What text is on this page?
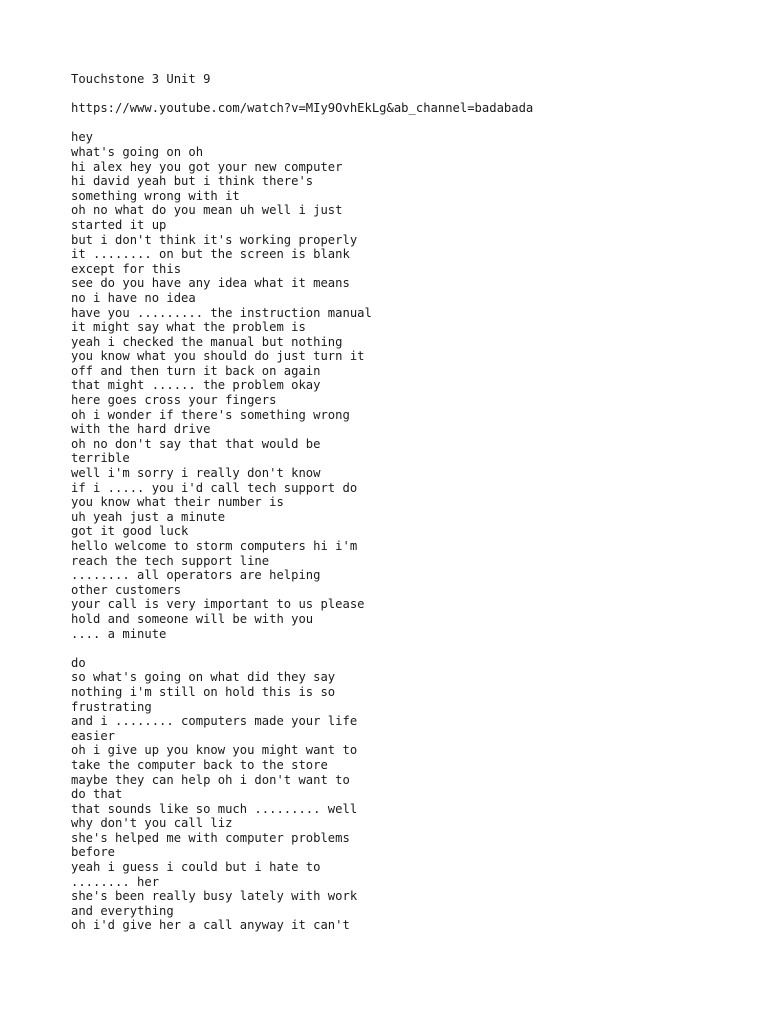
Touchstone 3 Unit 9
https://www.youtube.com/watch?v=MIy9OvhEkLg&ab_channel=badabada
hey
what's going on oh
hi alex hey you got your new computer
hi david yeah but i think there's
something wrong with it
oh no what do you mean uh well i just
started it up
but i don't think it's working properly
it ........ on but the screen is blank
except for this
see do you have any idea what it means
no i have no idea
have you ......... the instruction manual
it might say what the problem is
yeah i checked the manual but nothing
you know what you should do just turn it
off and then turn it back on again
that might ...... the problem okay
here goes cross your fingers
oh i wonder if there's something wrong
with the hard drive
oh no don't say that that would be
terrible
well i'm sorry i really don't know
if i ..... you i'd call tech support do
you know what their number is
uh yeah just a minute
got it good luck
hello welcome to storm computers hi i'm
reach the tech support line
........ all operators are helping
other customers
your call is very important to us please
hold and someone will be with you
.... a minute
do
so what's going on what did they say
nothing i'm still on hold this is so
frustrating
and i ........ computers made your life
easier
oh i give up you know you might want to
take the computer back to the store
maybe they can help oh i don't want to
do that
that sounds like so much ......... well
why don't you call liz
she's helped me with computer problems
before
yeah i guess i could but i hate to
........ her
she's been really busy lately with work
and everything
oh i'd give her a call anyway it can't
